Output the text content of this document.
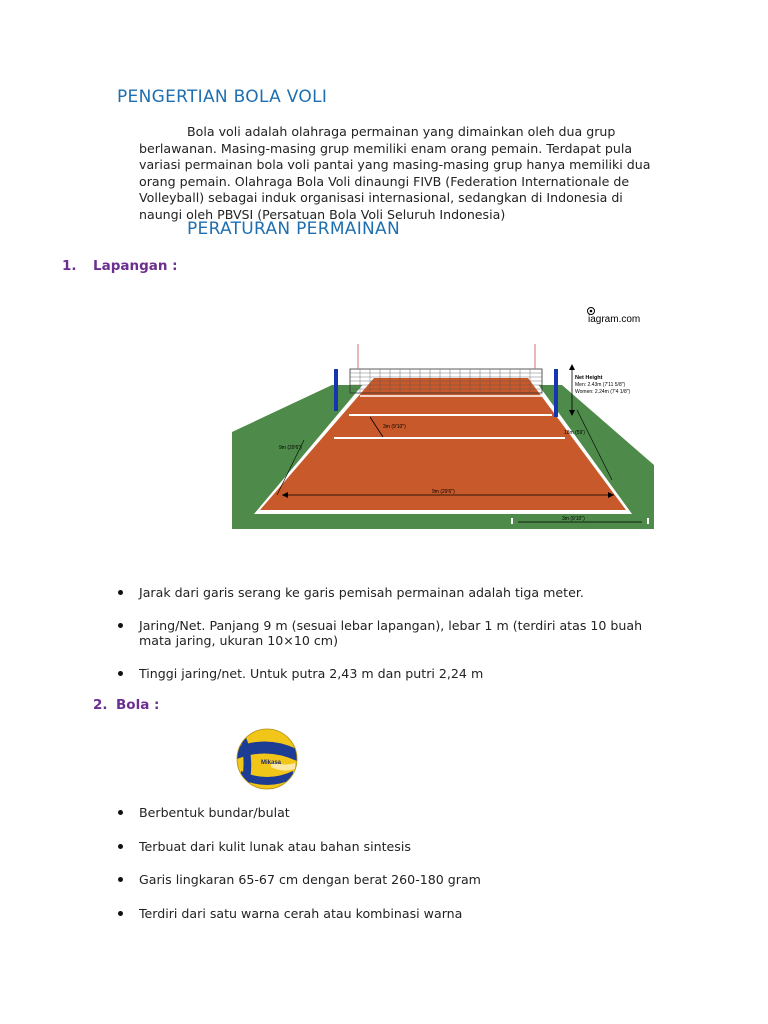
PENGERTIAN BOLA VOLI
Bola voli adalah olahraga permainan yang dimainkan oleh dua grup
berlawanan. Masing-masing grup memiliki enam orang pemain. Terdapat pula
variasi permainan bola voli pantai yang masing-masing grup hanya memiliki dua
orang pemain. Olahraga Bola Voli dinaungi FIVB (Federation Internationale de
Volleyball) sebagai induk organisasi internasional, sedangkan di Indonesia di
naungi oleh PBVSI (Persatuan Bola Voli Seluruh Indonesia)
PERATURAN PERMAINAN
1. Lapangan :
iagram.com
Net Height
Men: 2.43m (7'11 5/8")
Women: 2.24m (7'4 1/8")
3m (9'10")
18m (59')
9m (29'6")
9m (29'6")
3m (9'10")
Jarak dari garis serang ke garis pemisah permainan adalah tiga meter.
Jaring/Net. Panjang 9 m (sesuai lebar lapangan), lebar 1 m (terdiri atas 10 buah mata jaring, ukuran 10×10 cm)
Tinggi jaring/net. Untuk putra 2,43 m dan putri 2,24 m
2. Bola :
Mikasa
Berbentuk bundar/bulat
Terbuat dari kulit lunak atau bahan sintesis
Garis lingkaran 65-67 cm dengan berat 260-180 gram
Terdiri dari satu warna cerah atau kombinasi warna
